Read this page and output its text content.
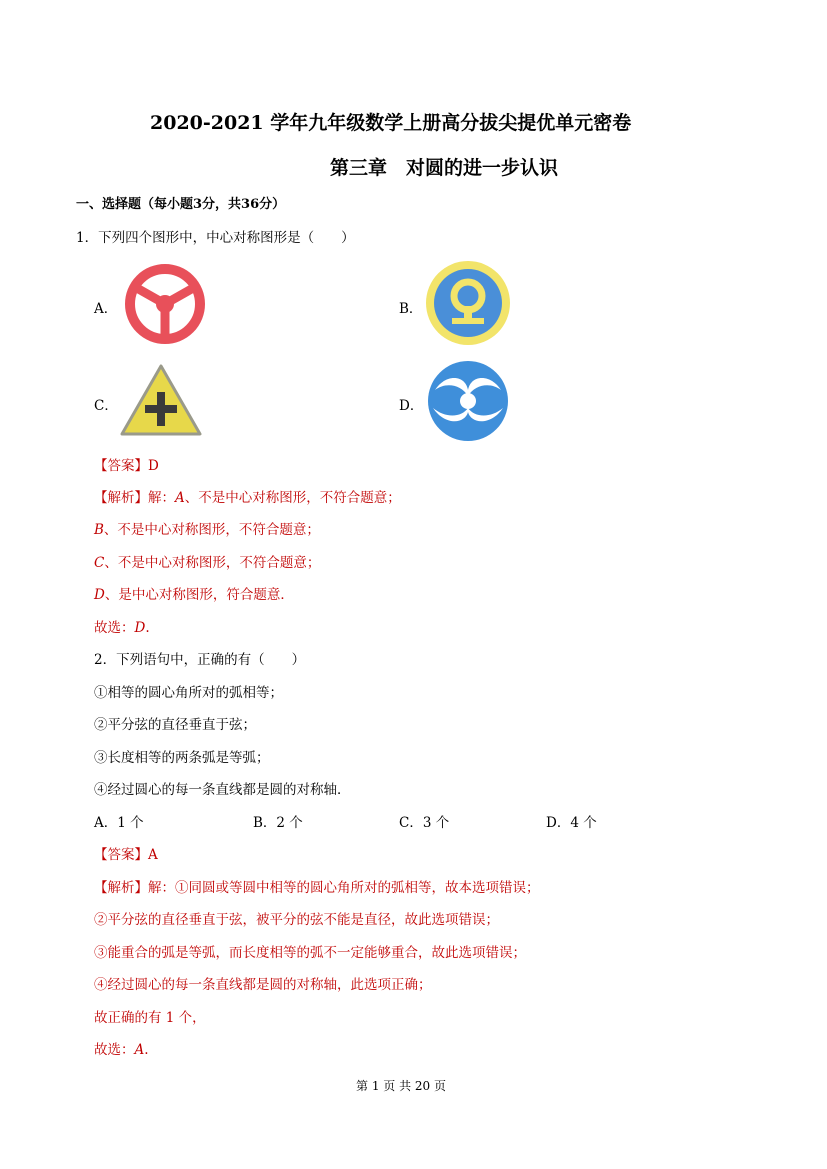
2020-2021 学年九年级数学上册高分拔尖提优单元密卷
第三章　对圆的进一步认识
一、选择题（每小题3分，共36分）
1．下列四个图形中，中心对称图形是（　　）
A．	B．
C．	D．
【答案】D
【解析】解：A、不是中心对称图形，不符合题意；
B、不是中心对称图形，不符合题意；
C、不是中心对称图形，不符合题意；
D、是中心对称图形，符合题意．
故选：D.
2．下列语句中，正确的有（　　）
①相等的圆心角所对的弧相等；
②平分弦的直径垂直于弦；
③长度相等的两条弧是等弧；
④经过圆心的每一条直线都是圆的对称轴．
A．1 个	B．2 个	C．3 个	D．4 个
【答案】A
【解析】解：①同圆或等圆中相等的圆心角所对的弧相等，故本选项错误；
②平分弦的直径垂直于弦，被平分的弦不能是直径，故此选项错误；
③能重合的弧是等弧，而长度相等的弧不一定能够重合，故此选项错误；
④经过圆心的每一条直线都是圆的对称轴，此选项正确；
故正确的有 1 个，
故选：A.
第 1 页 共 20 页
